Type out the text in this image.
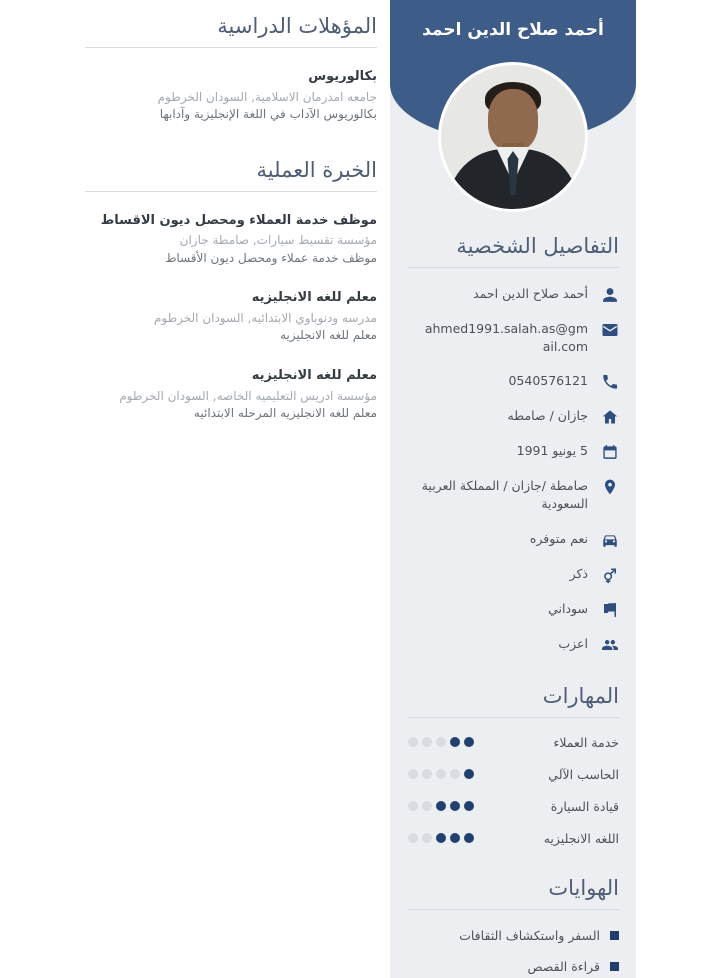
المؤهلات الدراسية
بكالوريوس
جامعه امدرمان الاسلامية, السودان الخرطوم
بكالوريوس الآداب في اللغة الإنجليزية وآدابها
الخبرة العملية
موظف خدمة العملاء ومحصل ديون الاقساط
مؤسسة تقسيط سيارات, صامطة جازان
موظف خدمة عملاء ومحصل ديون الأقساط
معلم للغه الانجليزيه
مدرسه ودنوباوي الابتدائيه, السودان الخرطوم
معلم للغه الانجليزيه
معلم للغه الانجليزيه
مؤسسة ادريس التعليميه الخاصه, السودان الخرطوم
معلم للغه الانجليزيه المرحله الابتدائيه
أحمد صلاح الدين احمد
التفاصيل الشخصية
أحمد صلاح الدين احمد
ahmed1991.salah.as@gmail.com
0540576121
جازان / صامطه
5 يونيو 1991
صامطة /جازان / المملكة العربية السعودية
نعم متوفره
ذكر
سوداني
اعزب
المهارات
خدمة العملاء
الحاسب الآلي
قيادة السيارة
اللغه الانجليزيه
الهوايات
السفر واستكشاف الثقافات
قراءة القصص
